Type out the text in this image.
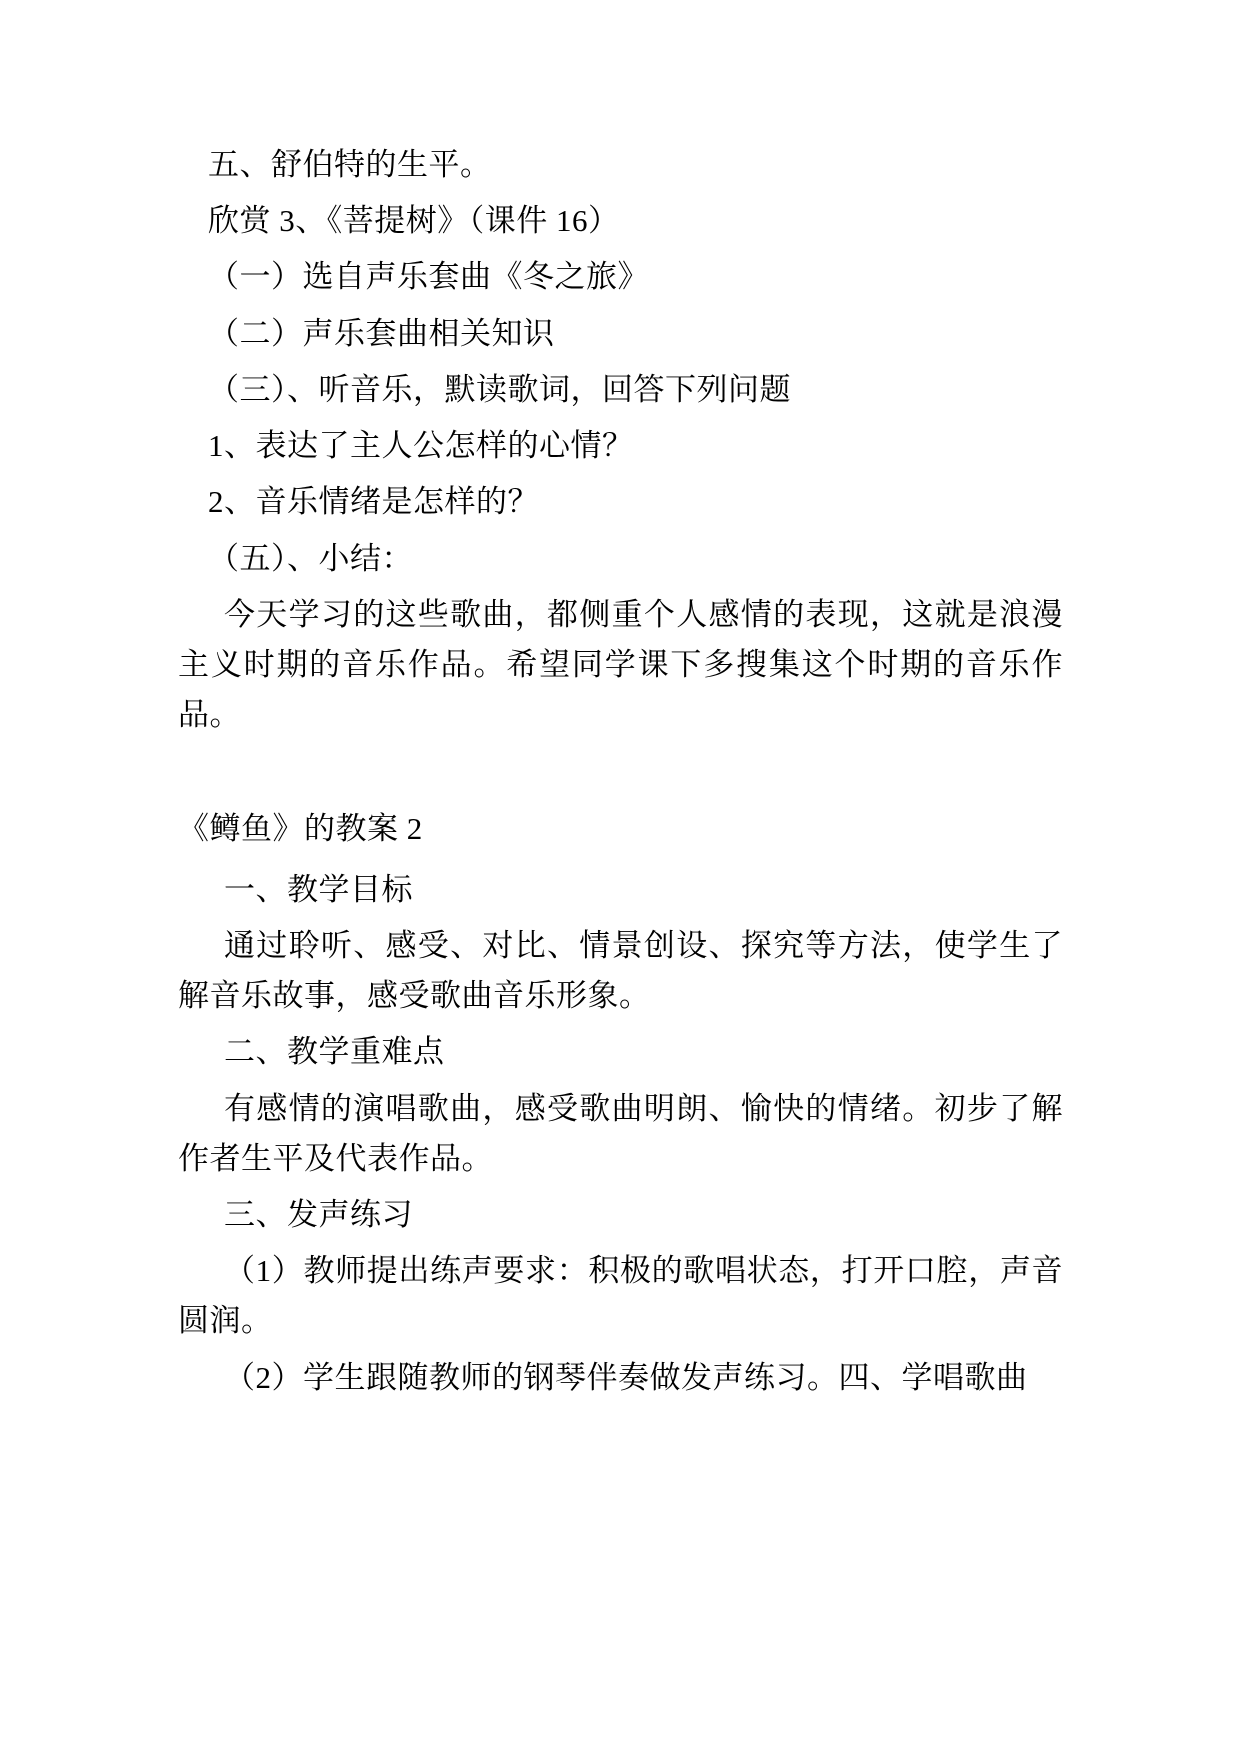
五、舒伯特的生平。

欣赏 3、《菩提树》（课件 16）

（一）选自声乐套曲《冬之旅》

（二）声乐套曲相关知识

（三）、听音乐，默读歌词，回答下列问题

1、表达了主人公怎样的心情？

2、音乐情绪是怎样的？

（五）、小结：

今天学习的这些歌曲，都侧重个人感情的表现，这就是浪漫主义时期的音乐作品。希望同学课下多搜集这个时期的音乐作品。

《鳟鱼》的教案 2

一、教学目标

通过聆听、感受、对比、情景创设、探究等方法，使学生了解音乐故事，感受歌曲音乐形象。

二、教学重难点

有感情的演唱歌曲，感受歌曲明朗、愉快的情绪。初步了解作者生平及代表作品。

三、发声练习

（1）教师提出练声要求：积极的歌唱状态，打开口腔，声音圆润。

（2）学生跟随教师的钢琴伴奏做发声练习。四、学唱歌曲
